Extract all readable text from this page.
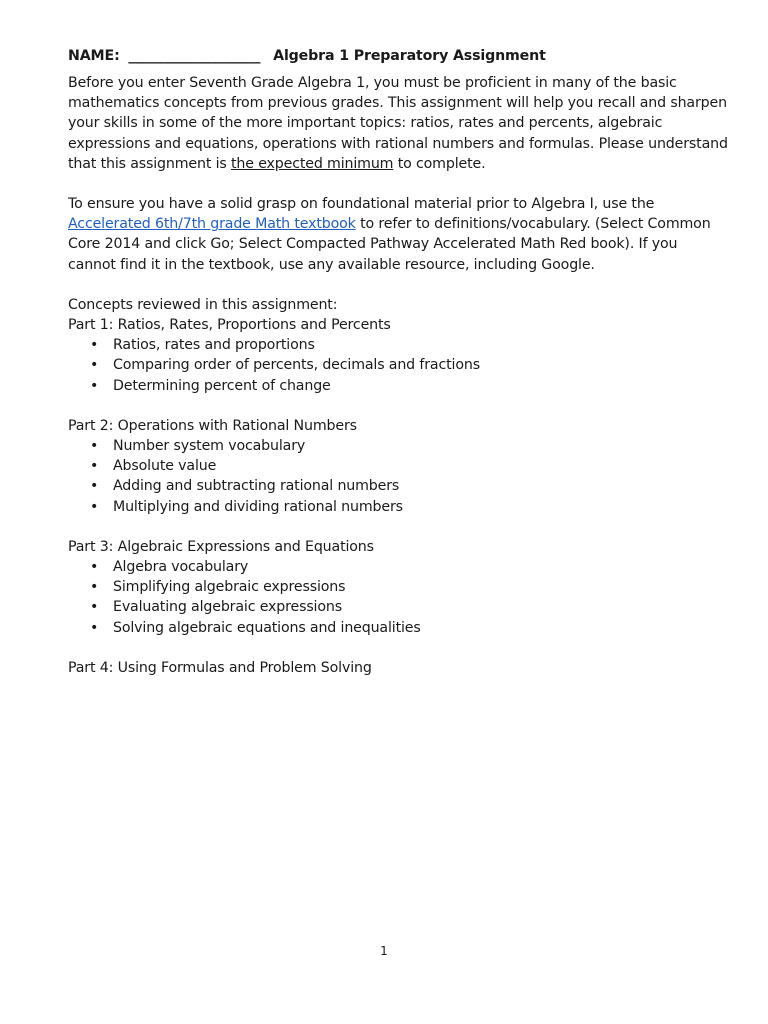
NAME: ___________________ Algebra 1 Preparatory Assignment

Before you enter Seventh Grade Algebra 1, you must be proficient in many of the basic mathematics concepts from previous grades. This assignment will help you recall and sharpen your skills in some of the more important topics: ratios, rates and percents, algebraic expressions and equations, operations with rational numbers and formulas. Please understand that this assignment is the expected minimum to complete.

To ensure you have a solid grasp on foundational material prior to Algebra I, use the Accelerated 6th/7th grade Math textbook to refer to definitions/vocabulary. (Select Common Core 2014 and click Go; Select Compacted Pathway Accelerated Math Red book). If you cannot find it in the textbook, use any available resource, including Google.

Concepts reviewed in this assignment:

Part 1: Ratios, Rates, Proportions and Percents

• Ratios, rates and proportions
• Comparing order of percents, decimals and fractions
• Determining percent of change

Part 2: Operations with Rational Numbers

• Number system vocabulary
• Absolute value
• Adding and subtracting rational numbers
• Multiplying and dividing rational numbers

Part 3: Algebraic Expressions and Equations

• Algebra vocabulary
• Simplifying algebraic expressions
• Evaluating algebraic expressions
• Solving algebraic equations and inequalities

Part 4: Using Formulas and Problem Solving

1
